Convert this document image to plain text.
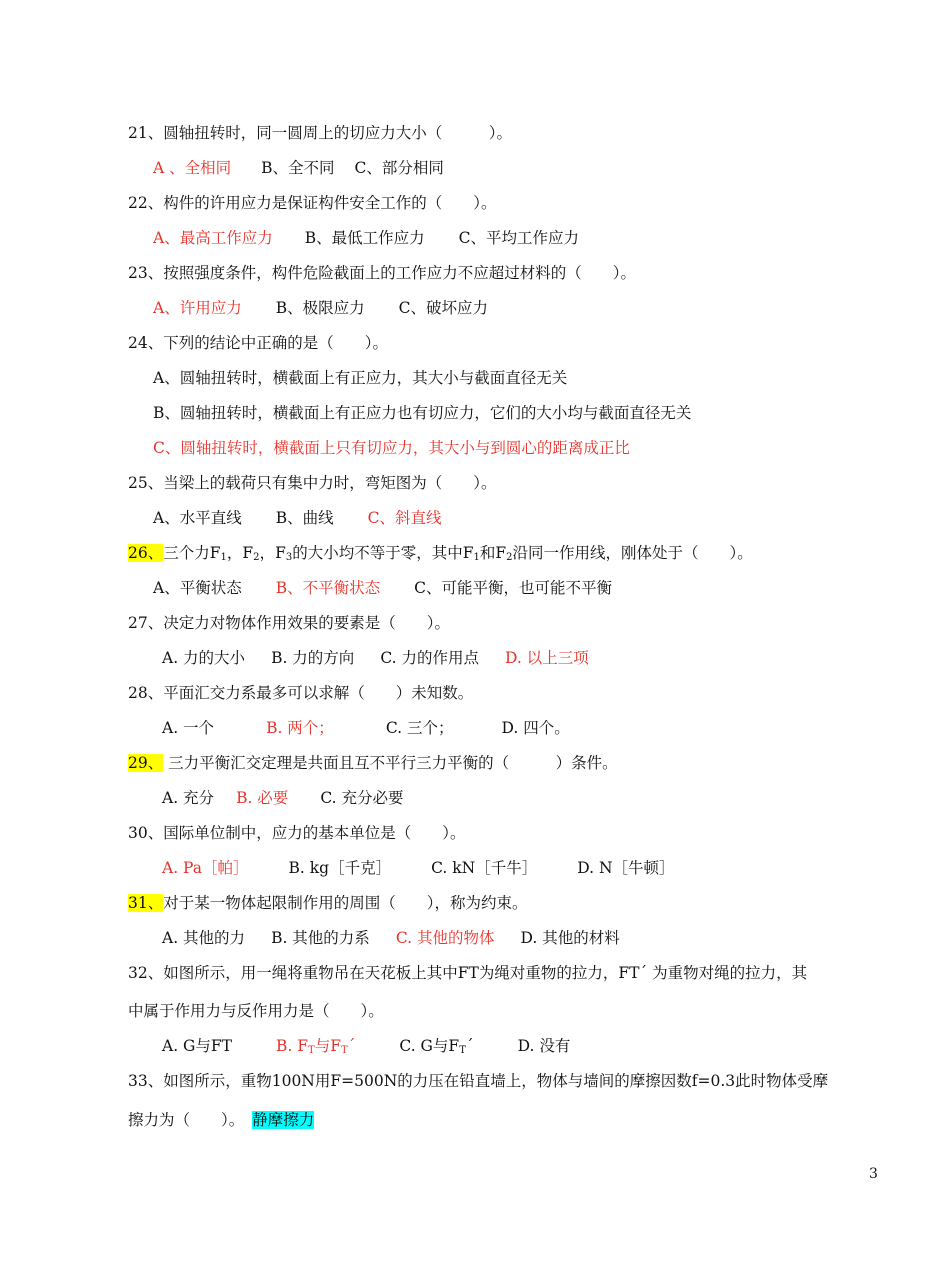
21、圆轴扭转时，同一圆周上的切应力大小（　　　）。
A 、全相同 B、全不同 C、部分相同
22、构件的许用应力是保证构件安全工作的（　　）。
A、最高工作应力 B、最低工作应力 C、平均工作应力
23、按照强度条件，构件危险截面上的工作应力不应超过材料的（　　）。
A、许用应力 B、极限应力 C、破坏应力
24、下列的结论中正确的是（　　）。
A、圆轴扭转时，横截面上有正应力，其大小与截面直径无关
B、圆轴扭转时，横截面上有正应力也有切应力，它们的大小均与截面直径无关
C、圆轴扭转时，横截面上只有切应力，其大小与到圆心的距离成正比
25、当梁上的载荷只有集中力时，弯矩图为（　　）。
A、水平直线 B、曲线 C、斜直线
26、三个力$F_1$，$F_2$，$F_3$的大小均不等于零，其中$F_1$和$F_2$沿同一作用线，刚体处于（　　）。
A、平衡状态 B、不平衡状态 C、可能平衡，也可能不平衡
27、决定力对物体作用效果的要素是（　　）。
A. 力的大小 B. 力的方向 C. 力的作用点 D. 以上三项
28、平面汇交力系最多可以求解（　　）未知数。
A. 一个	B. 两个；	C. 三个；	D. 四个。
29、 三力平衡汇交定理是共面且互不平行三力平衡的（　　　）条件。
A. 充分 B. 必要 C. 充分必要
30、国际单位制中，应力的基本单位是（　　）。
A. Pa［帕］	B. kg［千克］	C. kN［千牛］	D. N［牛顿］
31、对于某一物体起限制作用的周围（　　），称为约束。
A. 其他的力 B. 其他的力系 C. 其他的物体 D. 其他的材料
32、如图所示，用一绳将重物吊在天花板上其中FT为绳对重物的拉力，FT´ 为重物对绳的拉力，其
中属于作用力与反作用力是（　　）。
A. G与FT	B. $F_T$与$F_T´$	C. G与$F_T´$	D. 没有
33、如图所示，重物100N用F=500N的力压在铅直墙上，物体与墙间的摩擦因数f=0.3此时物体受摩
擦力为（　　）。 静摩擦力
3
